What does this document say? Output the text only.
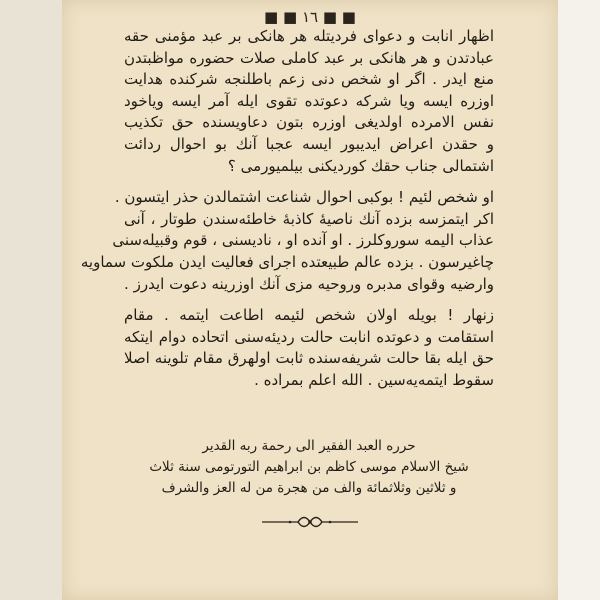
■ ■ ١٦ ■ ■
اظهار انابت و دعوای فردیتله هر هانکی بر عبد مؤمنی حقه
عبادتدن و هر هانکی بر عبد کاملی صلات حضوره مواظبتدن
منع ایدر . اگر او شخص دنی زعم باطلنجه شرکنده هدایت
اوزره ایسه ویا شرکه دعوتده تقوی ایله آمر ایسه ویاخود
نفس الامرده اولدیغی اوزره بتون دعاویسنده حق تکذیب
و حقدن اعراض ایدیبور ایسه عجبا آنك بو احوال ردائت
اشتمالی جناب حقك کوردیکنی بیلمیورمی ؟
او شخص لئیم ! بوکبی احوال شناعت اشتمالدن حذر ایتسون .
اکر ایتمزسه بزده آنك ناصیهٔ کاذبهٔ خاطئه‌سندن طوتار ، آنی
عذاب الیمه سوروکلرز . او آنده او ، نادیسنی ، قوم وقبیله‌سنی
چاغیرسون . بزده عالم طبیعتده اجرای فعالیت ایدن ملکوت سماویه
وارضیه وقوای مدبره وروحیه مزی آنك اوزرینه دعوت ایدرز .
زنهار ! بویله اولان شخص لئیمه اطاعت ایتمه . مقام
استقامت و دعوتده انابت حالت ردیئه‌سنی اتحاده دوام ایتکه
حق ایله بقا حالت شریفه‌سنده ثابت اولهرق مقام تلوینه اصلا
سقوط ایتمه‌یه‌سین . الله اعلم بمراده .
حرره العبد الفقیر الی رحمة ربه القدیر
شیخ الاسلام موسی کاظم بن ابراهیم التورتومی سنة ثلاث
و ثلاثین وثلاثمائة والف من هجرة من له العز والشرف
